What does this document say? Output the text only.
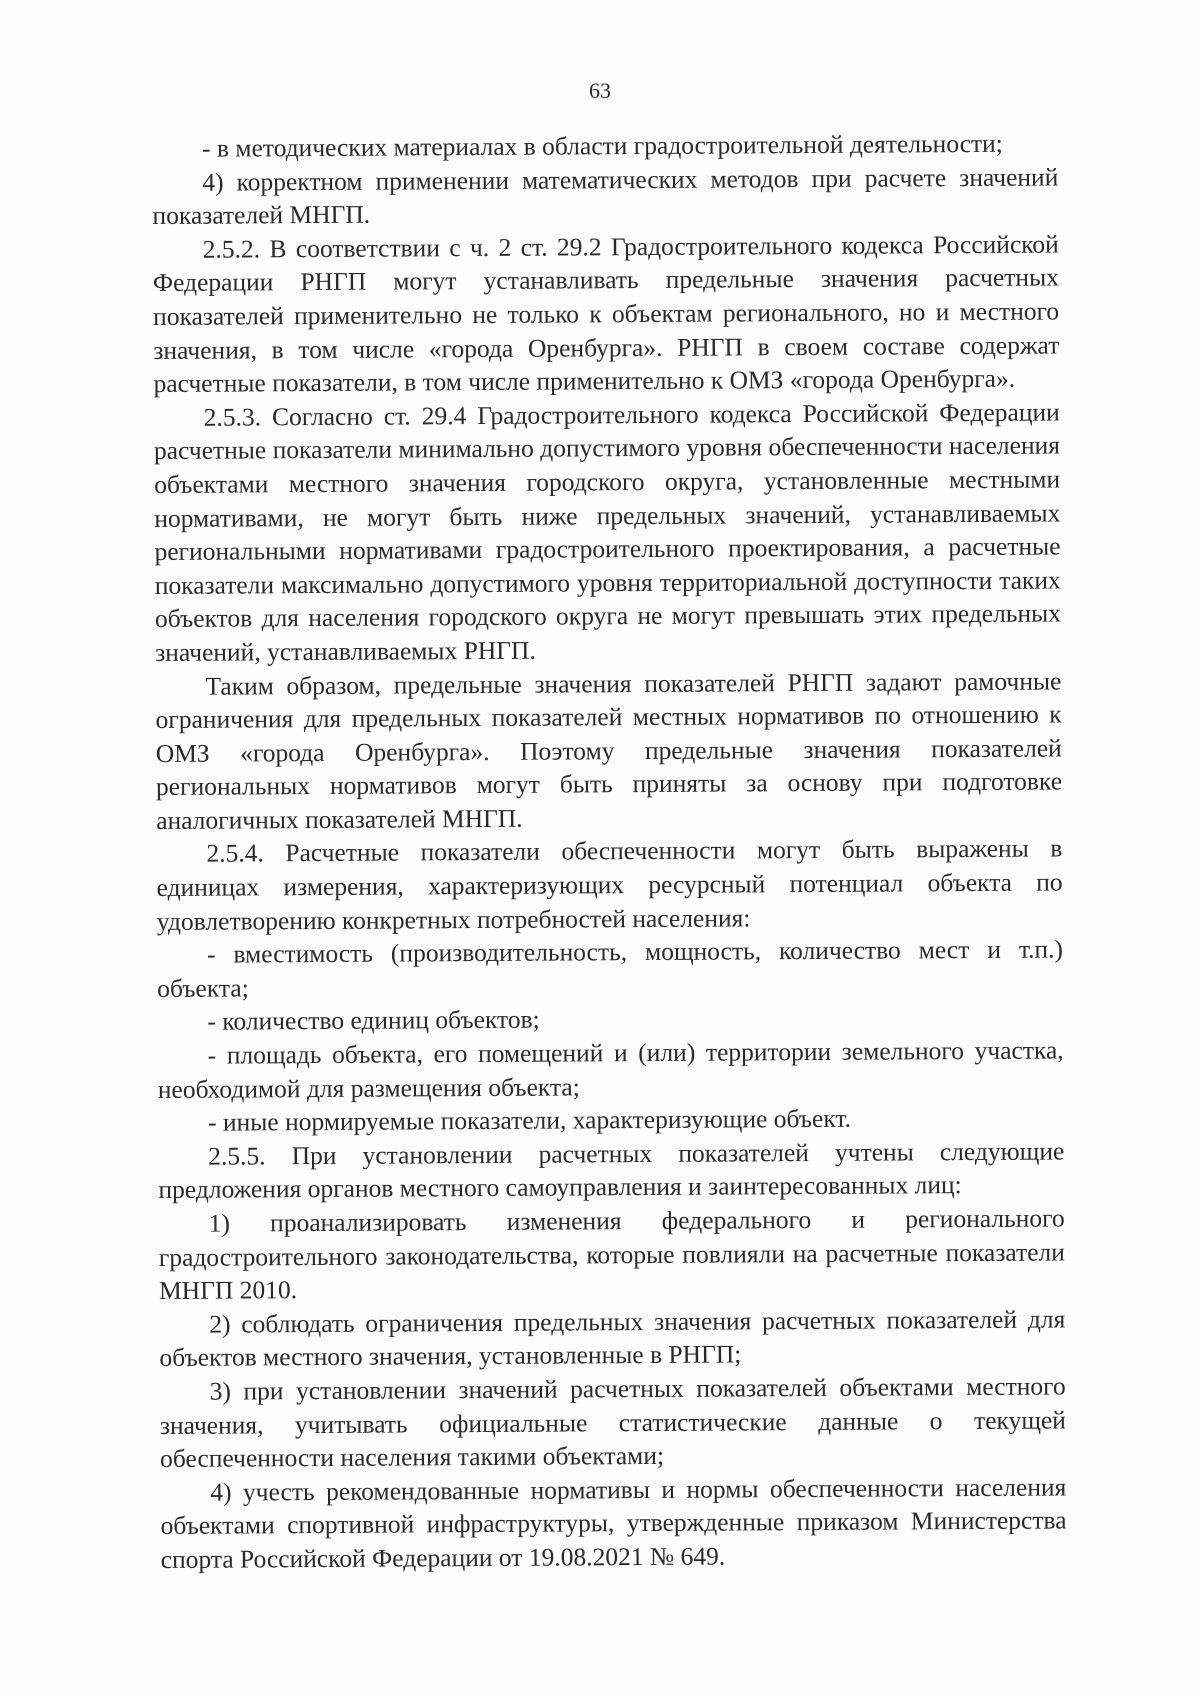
63

- в методических материалах в области градостроительной деятельности;

4) корректном применении математических методов при расчете значений показателей МНГП.

2.5.2. В соответствии с ч. 2 ст. 29.2 Градостроительного кодекса Российской Федерации РНГП могут устанавливать предельные значения расчетных показателей применительно не только к объектам регионального, но и местного значения, в том числе «города Оренбурга». РНГП в своем составе содержат расчетные показатели, в том числе применительно к ОМЗ «города Оренбурга».

2.5.3. Согласно ст. 29.4 Градостроительного кодекса Российской Федерации расчетные показатели минимально допустимого уровня обеспеченности населения объектами местного значения городского округа, установленные местными нормативами, не могут быть ниже предельных значений, устанавливаемых региональными нормативами градостроительного проектирования, а расчетные показатели максимально допустимого уровня территориальной доступности таких объектов для населения городского округа не могут превышать этих предельных значений, устанавливаемых РНГП.

Таким образом, предельные значения показателей РНГП задают рамочные ограничения для предельных показателей местных нормативов по отношению к ОМЗ «города Оренбурга». Поэтому предельные значения показателей региональных нормативов могут быть приняты за основу при подготовке аналогичных показателей МНГП.

2.5.4. Расчетные показатели обеспеченности могут быть выражены в единицах измерения, характеризующих ресурсный потенциал объекта по удовлетворению конкретных потребностей населения:

- вместимость (производительность, мощность, количество мест и т.п.) объекта;

- количество единиц объектов;

- площадь объекта, его помещений и (или) территории земельного участка, необходимой для размещения объекта;

- иные нормируемые показатели, характеризующие объект.

2.5.5. При установлении расчетных показателей учтены следующие предложения органов местного самоуправления и заинтересованных лиц:

1) проанализировать изменения федерального и регионального градостроительного законодательства, которые повлияли на расчетные показатели МНГП 2010.

2) соблюдать ограничения предельных значения расчетных показателей для объектов местного значения, установленные в РНГП;

3) при установлении значений расчетных показателей объектами местного значения, учитывать официальные статистические данные о текущей обеспеченности населения такими объектами;

4) учесть рекомендованные нормативы и нормы обеспеченности населения объектами спортивной инфраструктуры, утвержденные приказом Министерства спорта Российской Федерации от 19.08.2021 № 649.
